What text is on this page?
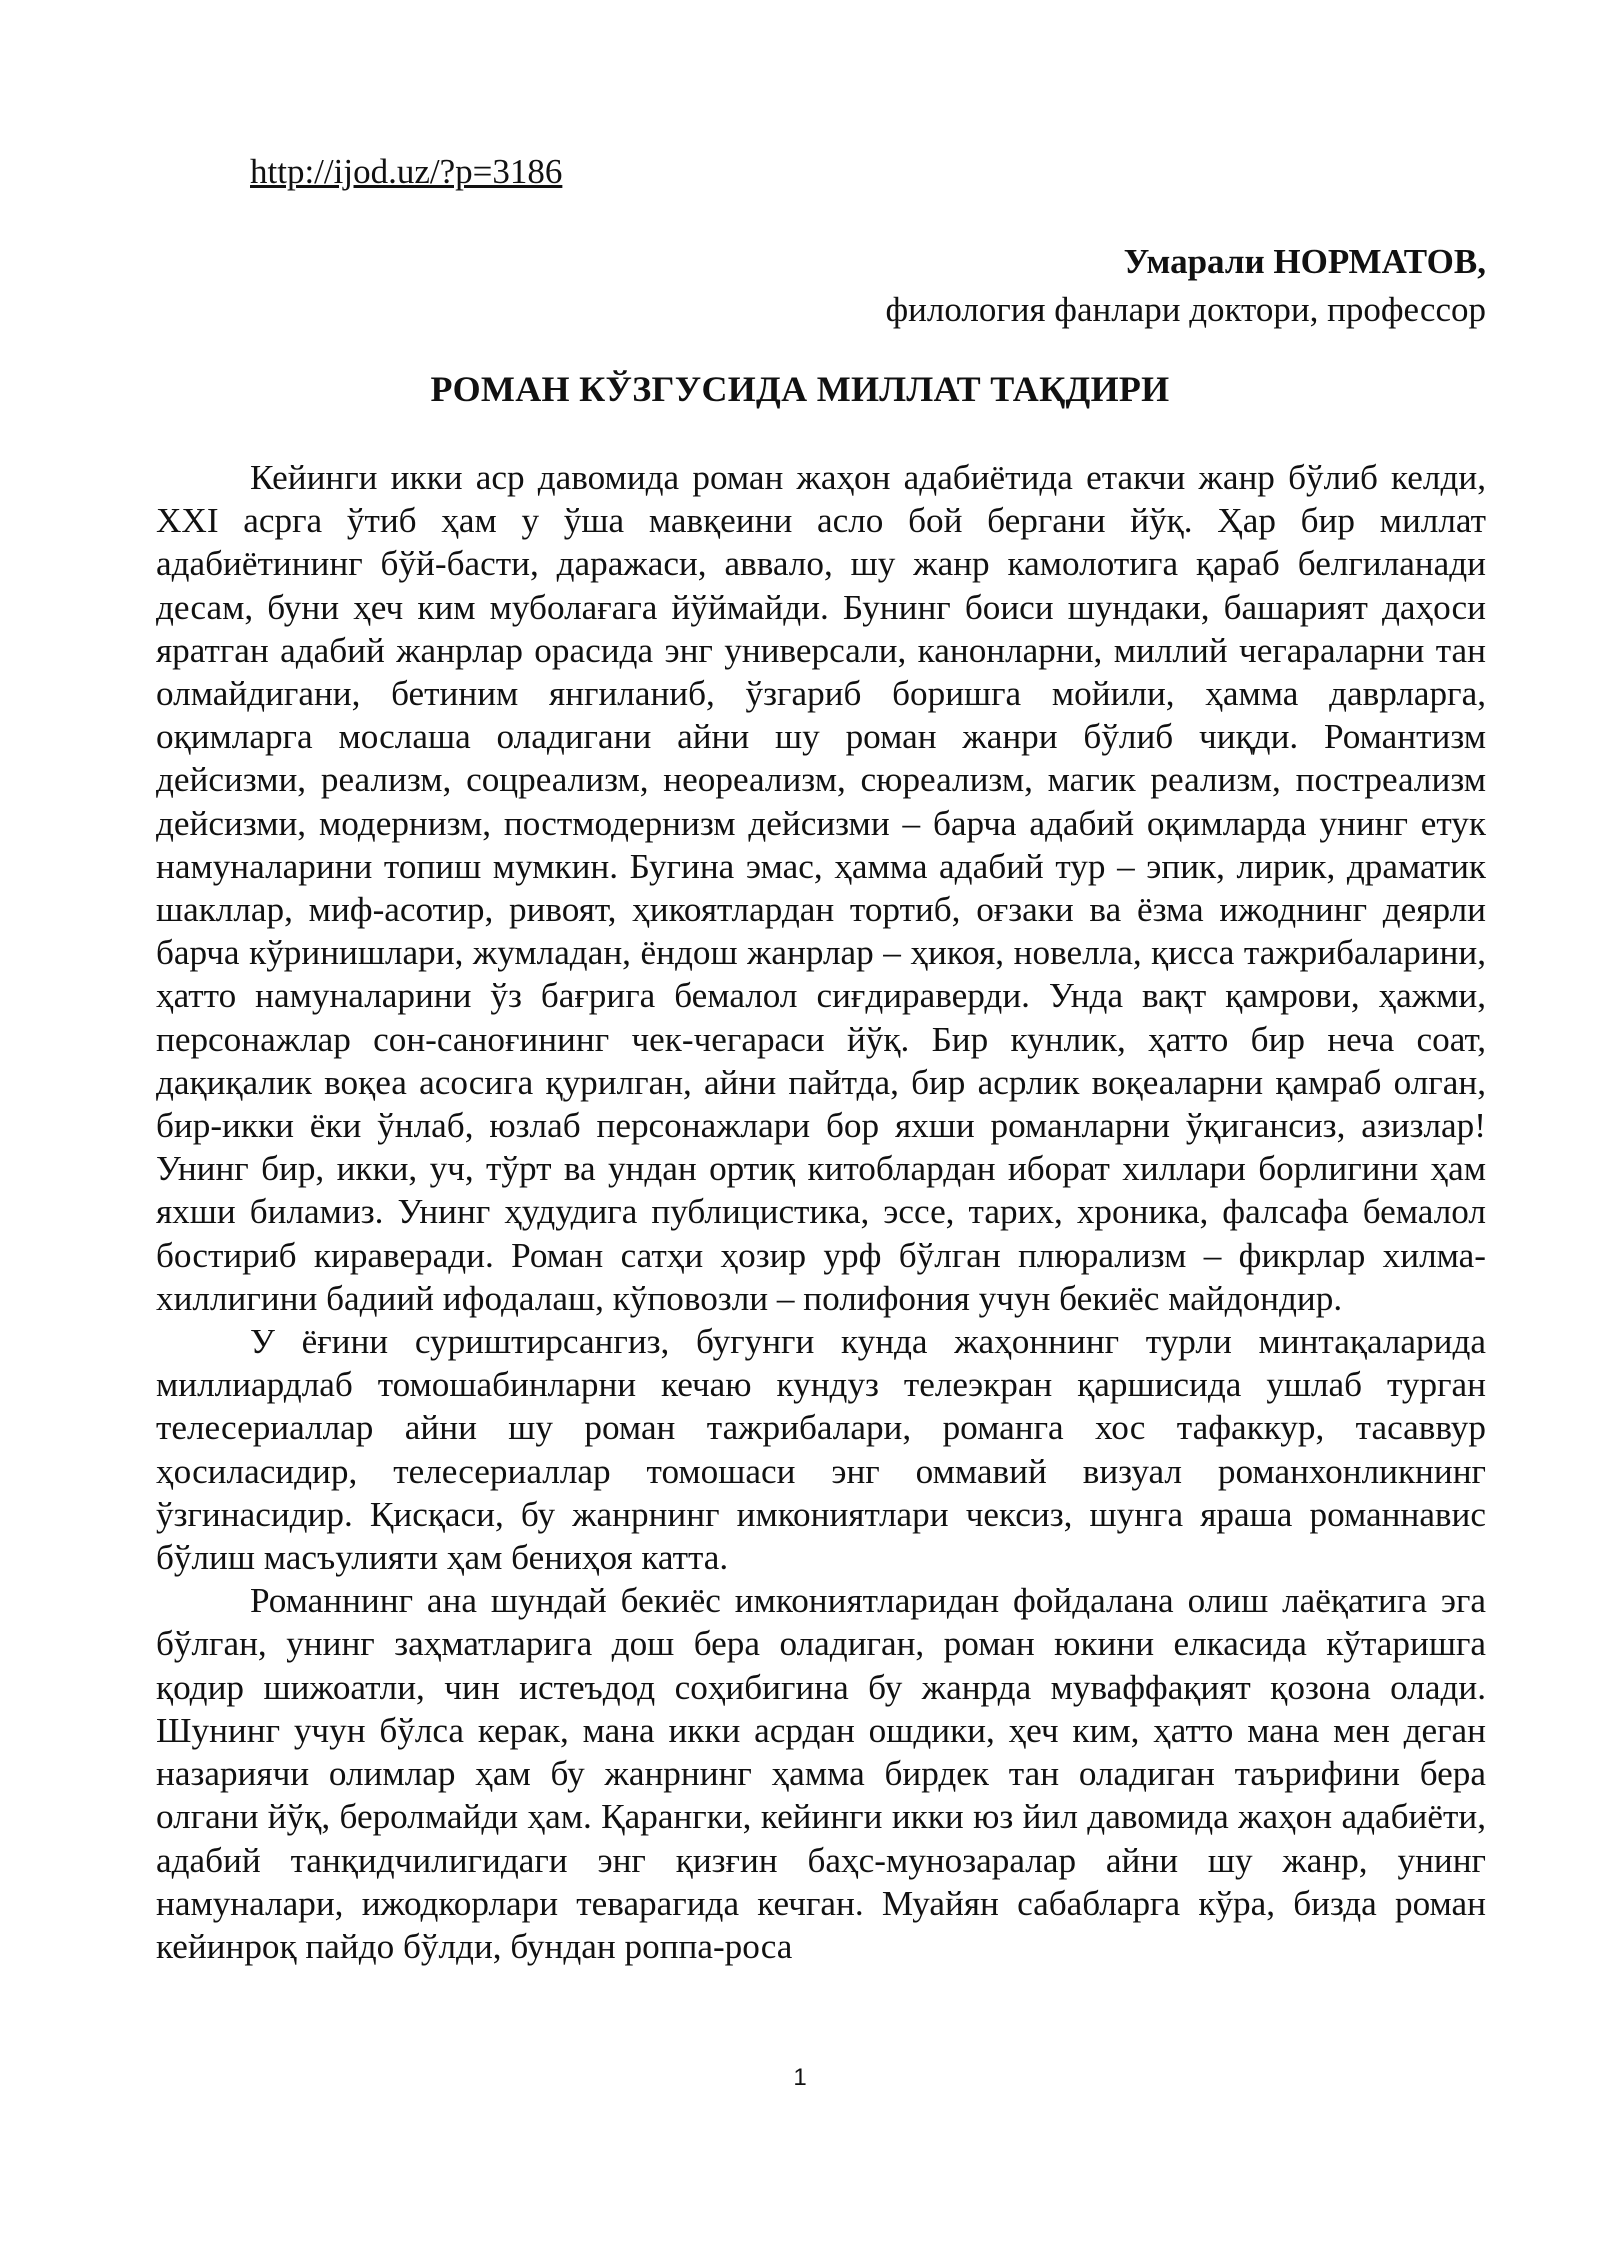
http://ijod.uz/?p=3186
Умарали НОРМАТОВ,
филология фанлари доктори, профессор
РОМАН КЎЗГУСИДА МИЛЛАТ ТАҚДИРИ

Кейинги икки аср давомида роман жаҳон адабиётида етакчи жанр бўлиб келди, XXI асрга ўтиб ҳам у ўша мавқеини асло бой бергани йўқ. Ҳар бир миллат адабиётининг бўй-басти, даражаси, аввало, шу жанр камолотига қараб белгиланади десам, буни ҳеч ким муболағага йўймайди. Бунинг боиси шундаки, башарият даҳоси яратган адабий жанрлар орасида энг универсали, канонларни, миллий чегараларни тан олмайдигани, бетиним янгиланиб, ўзгариб боришга мойили, ҳамма даврларга, оқимларга мослаша оладигани айни шу роман жанри бўлиб чиқди. Романтизм дейсизми, реализм, соцреализм, неореализм, сюреализм, магик реализм, постреализм дейсизми, модернизм, постмодернизм дейсизми – барча адабий оқимларда унинг етук намуналарини топиш мумкин. Бугина эмас, ҳамма адабий тур – эпик, лирик, драматик шакллар, миф-асотир, ривоят, ҳикоятлардан тортиб, оғзаки ва ёзма ижоднинг деярли барча кўринишлари, жумладан, ёндош жанрлар – ҳикоя, новелла, қисса тажрибаларини, ҳатто намуналарини ўз бағрига бемалол сиғдираверди. Унда вақт қамрови, ҳажми, персонажлар сон-саноғининг чек-чегараси йўқ. Бир кунлик, ҳатто бир неча соат, дақиқалик воқеа асосига қурилган, айни пайтда, бир асрлик воқеаларни қамраб олган, бир-икки ёки ўнлаб, юзлаб персонажлари бор яхши романларни ўқигансиз, азизлар! Унинг бир, икки, уч, тўрт ва ундан ортиқ китоблардан иборат хиллари борлигини ҳам яхши биламиз. Унинг ҳудудига публицистика, эссе, тарих, хроника, фалсафа бемалол бостириб кираверади. Роман сатҳи ҳозир урф бўлган плюрализм – фикрлар хилма-хиллигини бадиий ифодалаш, кўповозли – полифония учун бекиёс майдондир.

У ёғини суриштирсангиз, бугунги кунда жаҳоннинг турли минтақаларида миллиардлаб томошабинларни кечаю кундуз телеэкран қаршисида ушлаб турган телесериаллар айни шу роман тажрибалари, романга хос тафаккур, тасаввур ҳосиласидир, телесериаллар томошаси энг оммавий визуал романхонликнинг ўзгинасидир. Қисқаси, бу жанрнинг имкониятлари чексиз, шунга яраша романнавис бўлиш масъулияти ҳам бениҳоя катта.

Романнинг ана шундай бекиёс имкониятларидан фойдалана олиш лаёқатига эга бўлган, унинг заҳматларига дош бера оладиган, роман юкини елкасида кўтаришга қодир шижоатли, чин истеъдод соҳибигина бу жанрда муваффақият қозона олади. Шунинг учун бўлса керак, мана икки асрдан ошдики, ҳеч ким, ҳатто мана мен деган назариячи олимлар ҳам бу жанрнинг ҳамма бирдек тан оладиган таърифини бера олгани йўқ, беролмайди ҳам. Қарангки, кейинги икки юз йил давомида жаҳон адабиёти, адабий танқидчилигидаги энг қизғин баҳс-мунозаралар айни шу жанр, унинг намуналари, ижодкорлари теварагида кечган. Муайян сабабларга кўра, бизда роман кейинроқ пайдо бўлди, бундан роппа-роса

1
